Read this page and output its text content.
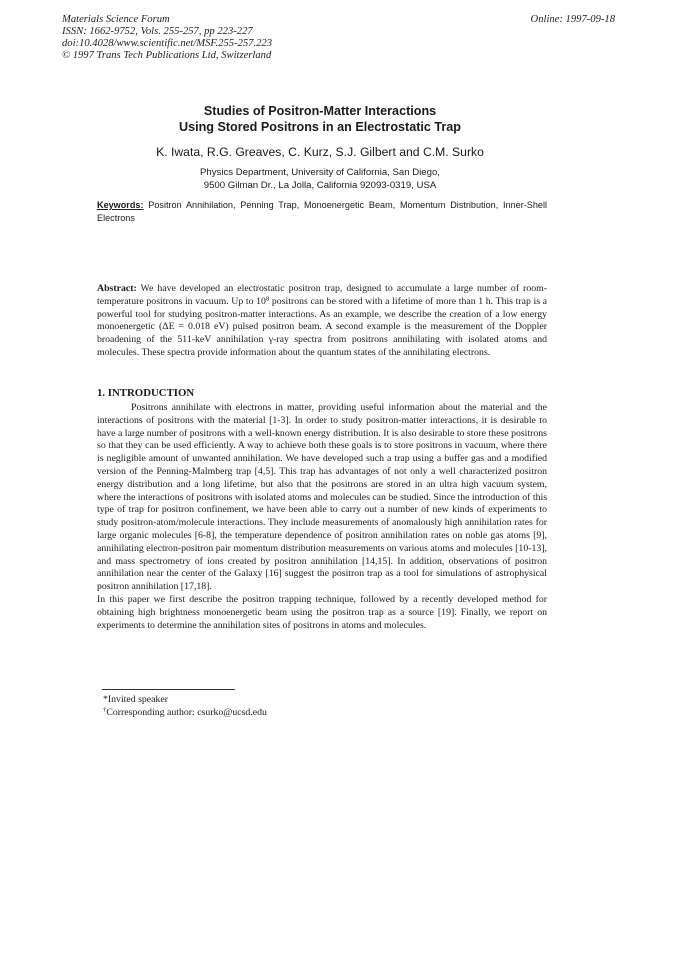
Materials Science Forum
ISSN: 1662-9752, Vols. 255-257, pp 223-227
doi:10.4028/www.scientific.net/MSF.255-257.223
© 1997 Trans Tech Publications Ltd, Switzerland
Online: 1997-09-18
Studies of Positron-Matter Interactions
Using Stored Positrons in an Electrostatic Trap
K. Iwata, R.G. Greaves, C. Kurz, S.J. Gilbert and C.M. Surko
Physics Department, University of California, San Diego,
9500 Gilman Dr., La Jolla, California 92093-0319, USA
Keywords: Positron Annihilation, Penning Trap, Monoenergetic Beam, Momentum Distribution, Inner-Shell Electrons
Abstract: We have developed an electrostatic positron trap, designed to accumulate a large number of room-temperature positrons in vacuum. Up to $10^8$ positrons can be stored with a lifetime of more than 1 h. This trap is a powerful tool for studying positron-matter interactions. As an example, we describe the creation of a low energy monoenergetic (ΔE = 0.018 eV) pulsed positron beam. A second example is the measurement of the Doppler broadening of the 511-keV annihilation γ-ray spectra from positrons annihilating with isolated atoms and molecules. These spectra provide information about the quantum states of the annihilating electrons.
1. INTRODUCTION

Positrons annihilate with electrons in matter, providing useful information about the material and the interactions of positrons with the material [1-3]. In order to study positron-matter interactions, it is desirable to have a large number of positrons with a well-known energy distribution. It is also desirable to store these positrons so that they can be used efficiently. A way to achieve both these goals is to store positrons in vacuum, where there is negligible amount of unwanted annihilation. We have developed such a trap using a buffer gas and a modified version of the Penning-Malmberg trap [4,5]. This trap has advantages of not only a well characterized positron energy distribution and a long lifetime, but also that the positrons are stored in an ultra high vacuum system, where the interactions of positrons with isolated atoms and molecules can be studied. Since the introduction of this type of trap for positron confinement, we have been able to carry out a number of new kinds of experiments to study positron-atom/molecule interactions. They include measurements of anomalously high annihilation rates for large organic molecules [6-8], the temperature dependence of positron annihilation rates on noble gas atoms [9], annihilating electron-positron pair momentum distribution measurements on various atoms and molecules [10-13], and mass spectrometry of ions created by positron annihilation [14,15]. In addition, observations of positron annihilation near the center of the Galaxy [16] suggest the positron trap as a tool for simulations of astrophysical positron annihilation [17,18].

In this paper we first describe the positron trapping technique, followed by a recently developed method for obtaining high brightness monoenergetic beam using the positron trap as a source [19]. Finally, we report on experiments to determine the annihilation sites of positrons in atoms and molecules.

*Invited speaker
†Corresponding author: csurko@ucsd.edu
